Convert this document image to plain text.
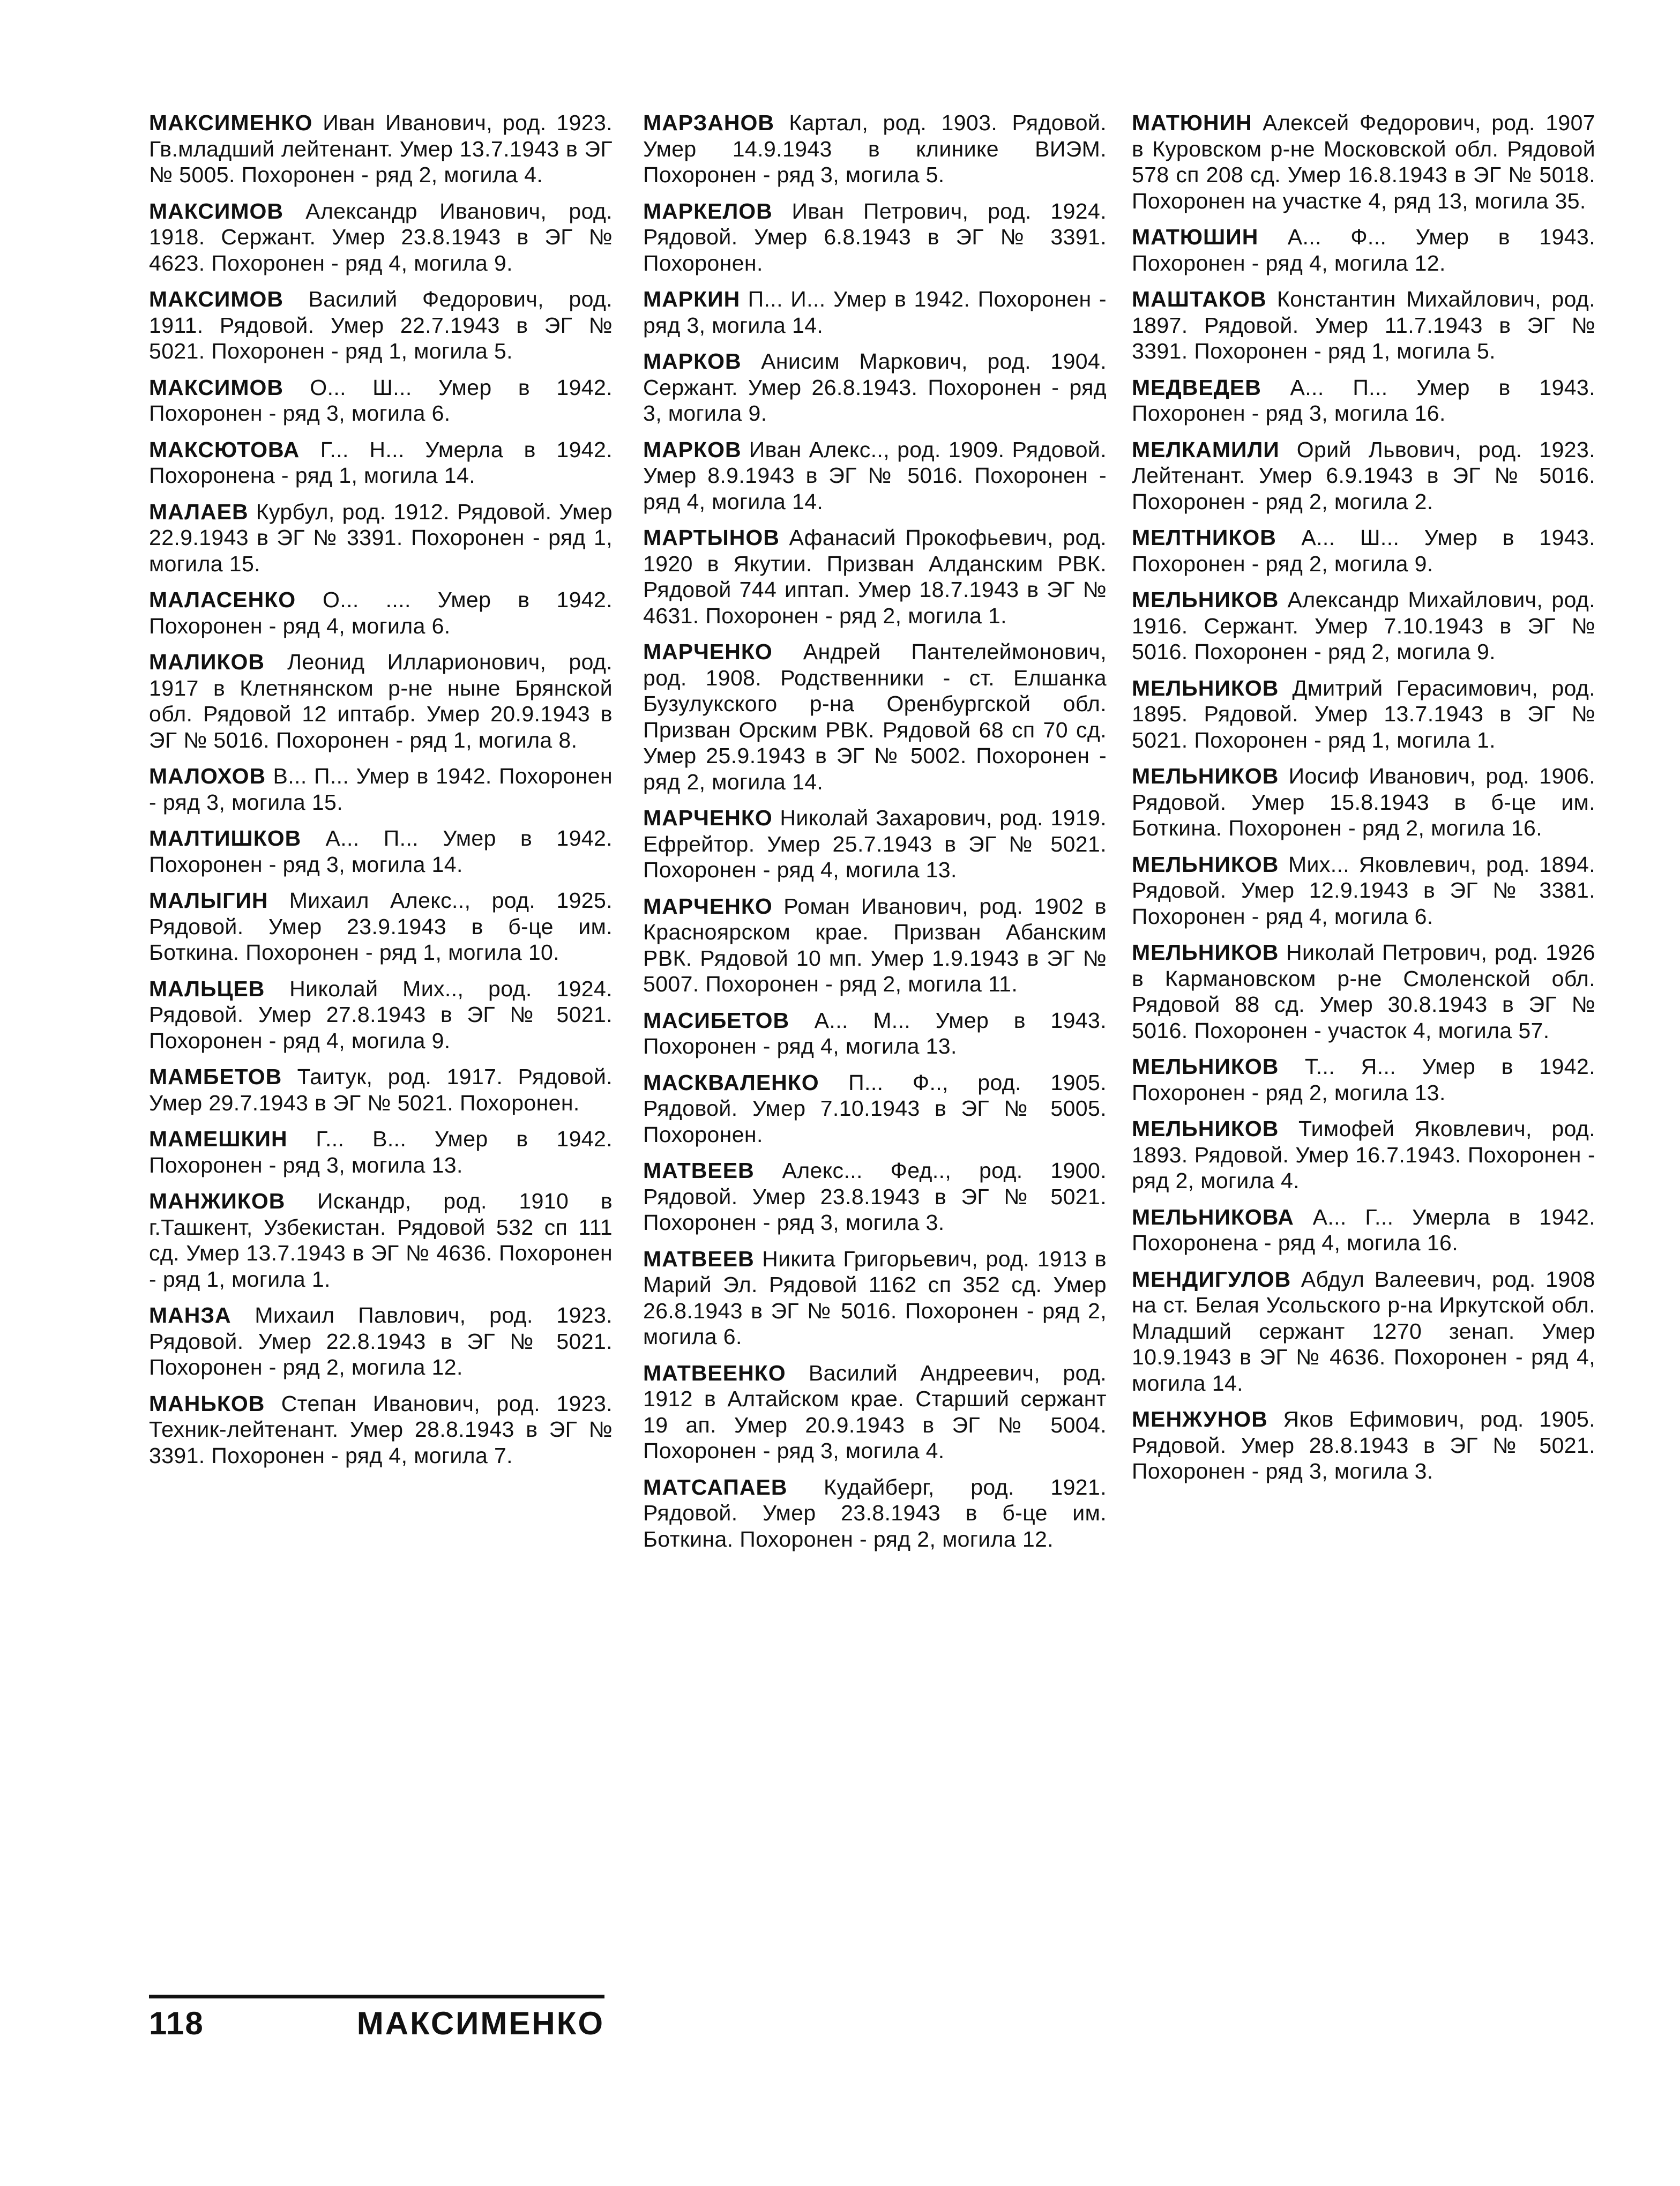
МАКСИМЕНКО Иван Иванович, род. 1923. Гв.младший лейтенант. Умер 13.7.1943 в ЭГ № 5005. Похоронен - ряд 2, могила 4.

МАКСИМОВ Александр Иванович, род. 1918. Сержант. Умер 23.8.1943 в ЭГ № 4623. Похоронен - ряд 4, могила 9.

МАКСИМОВ Василий Федорович, род. 1911. Рядовой. Умер 22.7.1943 в ЭГ № 5021. Похоронен - ряд 1, могила 5.

МАКСИМОВ О... Ш... Умер в 1942. Похоронен - ряд 3, могила 6.

МАКСЮТОВА Г... Н... Умерла в 1942. Похоронена - ряд 1, могила 14.

МАЛАЕВ Курбул, род. 1912. Рядовой. Умер 22.9.1943 в ЭГ № 3391. Похоронен - ряд 1, могила 15.

МАЛАСЕНКО О... .... Умер в 1942. Похоронен - ряд 4, могила 6.

МАЛИКОВ Леонид Илларионович, род. 1917 в Клетнянском р-не ныне Брянской обл. Рядовой 12 иптабр. Умер 20.9.1943 в ЭГ № 5016. Похоронен - ряд 1, могила 8.

МАЛОХОВ В... П... Умер в 1942. Похоронен - ряд 3, могила 15.

МАЛТИШКОВ А... П... Умер в 1942. Похоронен - ряд 3, могила 14.

МАЛЫГИН Михаил Алекс.., род. 1925. Рядовой. Умер 23.9.1943 в б-це им. Боткина. Похоронен - ряд 1, могила 10.

МАЛЬЦЕВ Николай Мих.., род. 1924. Рядовой. Умер 27.8.1943 в ЭГ № 5021. Похоронен - ряд 4, могила 9.

МАМБЕТОВ Таитук, род. 1917. Рядовой. Умер 29.7.1943 в ЭГ № 5021. Похоронен.

МАМЕШКИН Г... В... Умер в 1942. Похоронен - ряд 3, могила 13.

МАНЖИКОВ Искандр, род. 1910 в г.Ташкент, Узбекистан. Рядовой 532 сп 111 сд. Умер 13.7.1943 в ЭГ № 4636. Похоронен - ряд 1, могила 1.

МАНЗА Михаил Павлович, род. 1923. Рядовой. Умер 22.8.1943 в ЭГ № 5021. Похоронен - ряд 2, могила 12.

МАНЬКОВ Степан Иванович, род. 1923. Техник-лейтенант. Умер 28.8.1943 в ЭГ № 3391. Похоронен - ряд 4, могила 7.

МАРЗАНОВ Картал, род. 1903. Рядовой. Умер 14.9.1943 в клинике ВИЭМ. Похоронен - ряд 3, могила 5.

МАРКЕЛОВ Иван Петрович, род. 1924. Рядовой. Умер 6.8.1943 в ЭГ № 3391. Похоронен.

МАРКИН П... И... Умер в 1942. Похоронен - ряд 3, могила 14.

МАРКОВ Анисим Маркович, род. 1904. Сержант. Умер 26.8.1943. Похоронен - ряд 3, могила 9.

МАРКОВ Иван Алекс.., род. 1909. Рядовой. Умер 8.9.1943 в ЭГ № 5016. Похоронен - ряд 4, могила 14.

МАРТЫНОВ Афанасий Прокофьевич, род. 1920 в Якутии. Призван Алданским РВК. Рядовой 744 иптап. Умер 18.7.1943 в ЭГ № 4631. Похоронен - ряд 2, могила 1.

МАРЧЕНКО Андрей Пантелеймонович, род. 1908. Родственники - ст. Елшанка Бузулукского р-на Оренбургской обл. Призван Орским РВК. Рядовой 68 сп 70 сд. Умер 25.9.1943 в ЭГ № 5002. Похоронен - ряд 2, могила 14.

МАРЧЕНКО Николай Захарович, род. 1919. Ефрейтор. Умер 25.7.1943 в ЭГ № 5021. Похоронен - ряд 4, могила 13.

МАРЧЕНКО Роман Иванович, род. 1902 в Красноярском крае. Призван Абанским РВК. Рядовой 10 мп. Умер 1.9.1943 в ЭГ № 5007. Похоронен - ряд 2, могила 11.

МАСИБЕТОВ А... М... Умер в 1943. Похоронен - ряд 4, могила 13.

МАСКВАЛЕНКО П... Ф.., род. 1905. Рядовой. Умер 7.10.1943 в ЭГ № 5005. Похоронен.

МАТВЕЕВ Алекс... Фед.., род. 1900. Рядовой. Умер 23.8.1943 в ЭГ № 5021. Похоронен - ряд 3, могила 3.

МАТВЕЕВ Никита Григорьевич, род. 1913 в Марий Эл. Рядовой 1162 сп 352 сд. Умер 26.8.1943 в ЭГ № 5016. Похоронен - ряд 2, могила 6.

МАТВЕЕНКО Василий Андреевич, род. 1912 в Алтайском крае. Старший сержант 19 ап. Умер 20.9.1943 в ЭГ № 5004. Похоронен - ряд 3, могила 4.

МАТСАПАЕВ Кудайберг, род. 1921. Рядовой. Умер 23.8.1943 в б-це им. Боткина. Похоронен - ряд 2, могила 12.

МАТЮНИН Алексей Федорович, род. 1907 в Куровском р-не Московской обл. Рядовой 578 сп 208 сд. Умер 16.8.1943 в ЭГ № 5018. Похоронен на участке 4, ряд 13, могила 35.

МАТЮШИН А... Ф... Умер в 1943. Похоронен - ряд 4, могила 12.

МАШТАКОВ Константин Михайлович, род. 1897. Рядовой. Умер 11.7.1943 в ЭГ № 3391. Похоронен - ряд 1, могила 5.

МЕДВЕДЕВ А... П... Умер в 1943. Похоронен - ряд 3, могила 16.

МЕЛКАМИЛИ Орий Львович, род. 1923. Лейтенант. Умер 6.9.1943 в ЭГ № 5016. Похоронен - ряд 2, могила 2.

МЕЛТНИКОВ А... Ш... Умер в 1943. Похоронен - ряд 2, могила 9.

МЕЛЬНИКОВ Александр Михайлович, род. 1916. Сержант. Умер 7.10.1943 в ЭГ № 5016. Похоронен - ряд 2, могила 9.

МЕЛЬНИКОВ Дмитрий Герасимович, род. 1895. Рядовой. Умер 13.7.1943 в ЭГ № 5021. Похоронен - ряд 1, могила 1.

МЕЛЬНИКОВ Иосиф Иванович, род. 1906. Рядовой. Умер 15.8.1943 в б-це им. Боткина. Похоронен - ряд 2, могила 16.

МЕЛЬНИКОВ Мих... Яковлевич, род. 1894. Рядовой. Умер 12.9.1943 в ЭГ № 3381. Похоронен - ряд 4, могила 6.

МЕЛЬНИКОВ Николай Петрович, род. 1926 в Кармановском р-не Смоленской обл. Рядовой 88 сд. Умер 30.8.1943 в ЭГ № 5016. Похоронен - участок 4, могила 57.

МЕЛЬНИКОВ Т... Я... Умер в 1942. Похоронен - ряд 2, могила 13.

МЕЛЬНИКОВ Тимофей Яковлевич, род. 1893. Рядовой. Умер 16.7.1943. Похоронен - ряд 2, могила 4.

МЕЛЬНИКОВА А... Г... Умерла в 1942. Похоронена - ряд 4, могила 16.

МЕНДИГУЛОВ Абдул Валеевич, род. 1908 на ст. Белая Усольского р-на Иркутской обл. Младший сержант 1270 зенап. Умер 10.9.1943 в ЭГ № 4636. Похоронен - ряд 4, могила 14.

МЕНЖУНОВ Яков Ефимович, род. 1905. Рядовой. Умер 28.8.1943 в ЭГ № 5021. Похоронен - ряд 3, могила 3.

118	МАКСИМЕНКО
